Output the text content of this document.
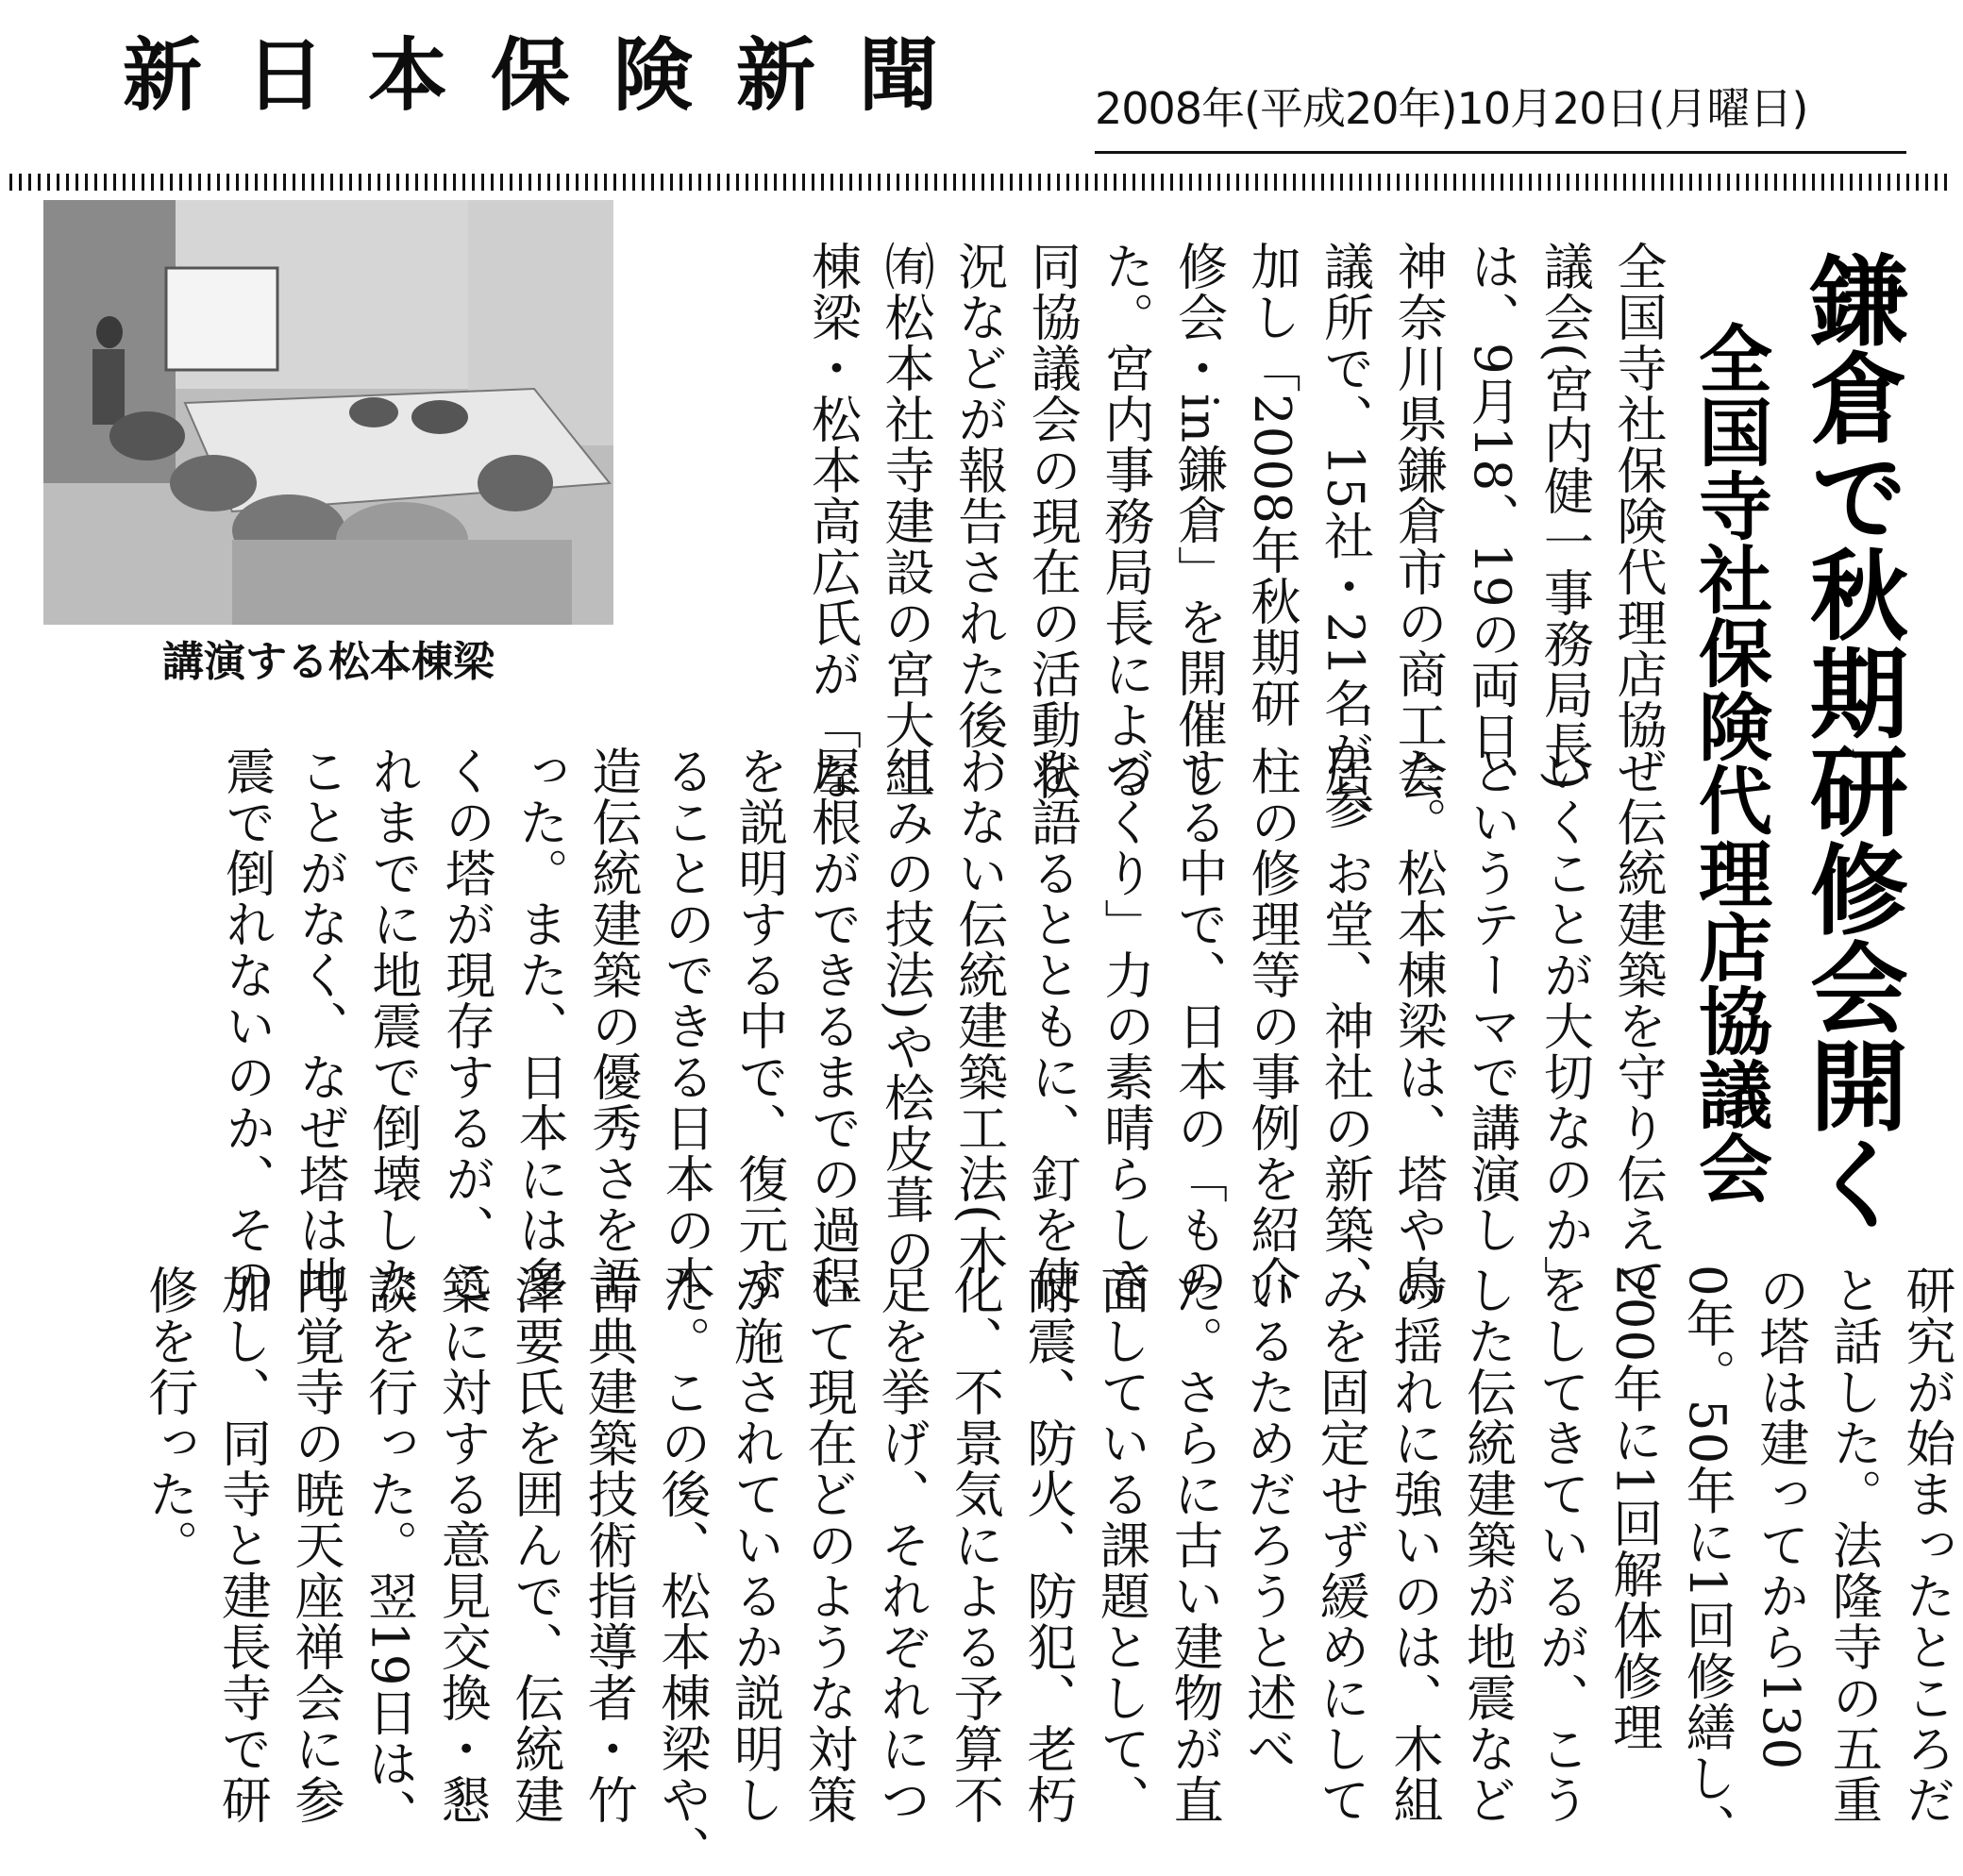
新日本保険新聞	2008年(平成20年)10月20日(月曜日)
鎌倉で秋期研修会開く
全国寺社保険代理店協議会
全国寺社保険代理店協
議会(宮内健一事務局長)
は、9月18、19の両日、
神奈川県鎌倉市の商工会
議所で、15社・21名が参
加し「2008年秋期研
修会・in鎌倉」を開催し
た。宮内事務局長による
同協議会の現在の活動状
況などが報告された後、
㈲松本社寺建設の宮大工
棟梁・松本高広氏が「な
ぜ伝統建築を守り伝えて
いくことが大切なのか」
というテーマで講演し
た。松本棟梁は、塔や鳥
居、お堂、神社の新築、
柱の修理等の事例を紹介
する中で、日本の「もの
づくり」力の素晴らしさ
を語るとともに、釘を使
わない伝統建築工法(木
組みの技法)や桧皮葺の
屋根ができるまでの過程
を説明する中で、復元す
ることのできる日本の木
造伝統建築の優秀さを語
った。また、日本には多
くの塔が現存するが、こ
れまでに地震で倒壊した
ことがなく、なぜ塔は地
震で倒れないのか、その
研究が始まったところだ
と話した。法隆寺の五重
の塔は建ってから130
0年。50年に1回修繕し、
200年に1回解体修理
をしてきているが、こう
した伝統建築が地震など
の揺れに強いのは、木組
みを固定せず緩めにして
いるためだろうと述べ
た。さらに古い建物が直
面している課題として、
耐震、防火、防犯、老朽
化、不景気による予算不
足を挙げ、それぞれにつ
いて現在どのような対策
が施されているか説明し
た。この後、松本棟梁や、
古典建築技術指導者・竹
澤要氏を囲んで、伝統建
築に対する意見交換・懇
談を行った。翌19日は、
円覚寺の暁天座禅会に参
加し、同寺と建長寺で研
修を行った。
講演する松本棟梁
